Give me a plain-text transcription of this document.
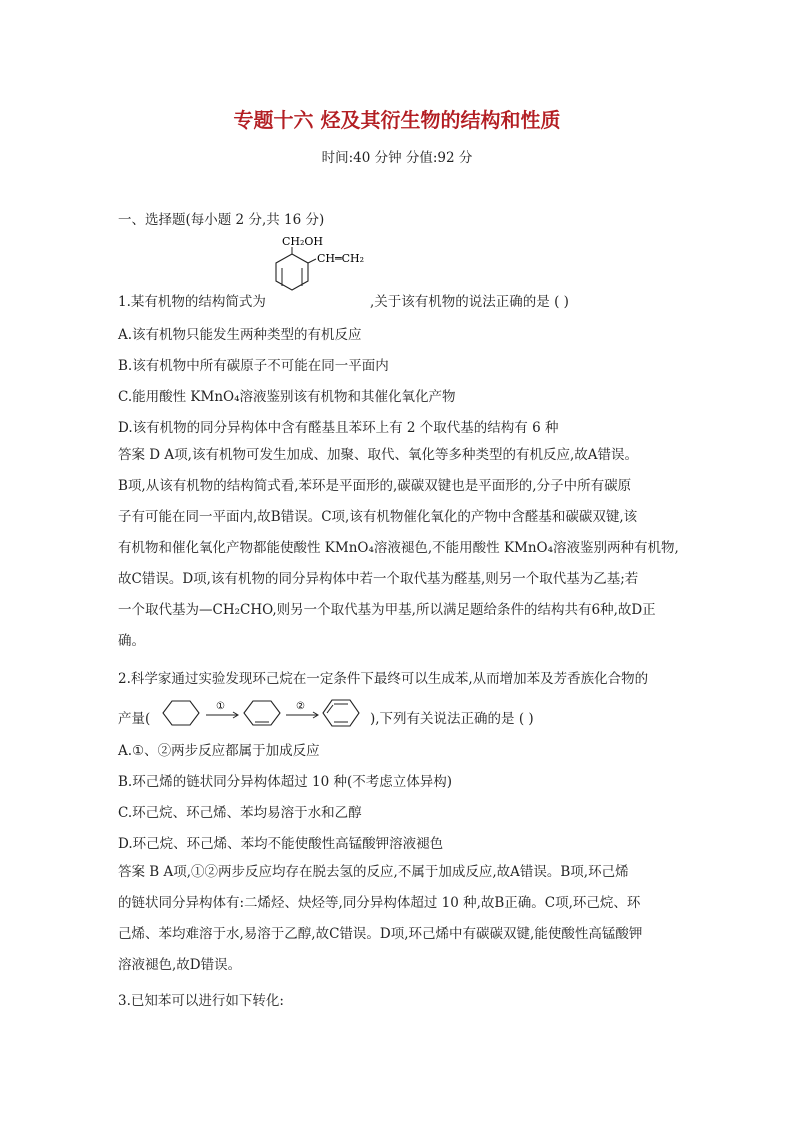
专题十六 烃及其衍生物的结构和性质
时间:40 分钟 分值:92 分
一、选择题(每小题 2 分,共 16 分)
CH₂OH
CH═CH₂
1.某有机物的结构简式为	,关于该有机物的说法正确的是 ( )
A.该有机物只能发生两种类型的有机反应
B.该有机物中所有碳原子不可能在同一平面内
C.能用酸性 KMnO₄溶液鉴别该有机物和其催化氧化产物
D.该有机物的同分异构体中含有醛基且苯环上有 2 个取代基的结构有 6 种
答案 D A项,该有机物可发生加成、加聚、取代、氧化等多种类型的有机反应,故A错误。
B项,从该有机物的结构简式看,苯环是平面形的,碳碳双键也是平面形的,分子中所有碳原
子有可能在同一平面内,故B错误。C项,该有机物催化氧化的产物中含醛基和碳碳双键,该
有机物和催化氧化产物都能使酸性 KMnO₄溶液褪色,不能用酸性 KMnO₄溶液鉴别两种有机物,
故C错误。D项,该有机物的同分异构体中若一个取代基为醛基,则另一个取代基为乙基;若
一个取代基为—CH₂CHO,则另一个取代基为甲基,所以满足题给条件的结构共有6种,故D正
确。
2.科学家通过实验发现环己烷在一定条件下最终可以生成苯,从而增加苯及芳香族化合物的
产量(
①	②
),下列有关说法正确的是 ( )
A.①、②两步反应都属于加成反应
B.环己烯的链状同分异构体超过 10 种(不考虑立体异构)
C.环己烷、环己烯、苯均易溶于水和乙醇
D.环己烷、环己烯、苯均不能使酸性高锰酸钾溶液褪色
答案 B A项,①②两步反应均存在脱去氢的反应,不属于加成反应,故A错误。B项,环己烯
的链状同分异构体有:二烯烃、炔烃等,同分异构体超过 10 种,故B正确。C项,环己烷、环
己烯、苯均难溶于水,易溶于乙醇,故C错误。D项,环己烯中有碳碳双键,能使酸性高锰酸钾
溶液褪色,故D错误。
3.已知苯可以进行如下转化:
